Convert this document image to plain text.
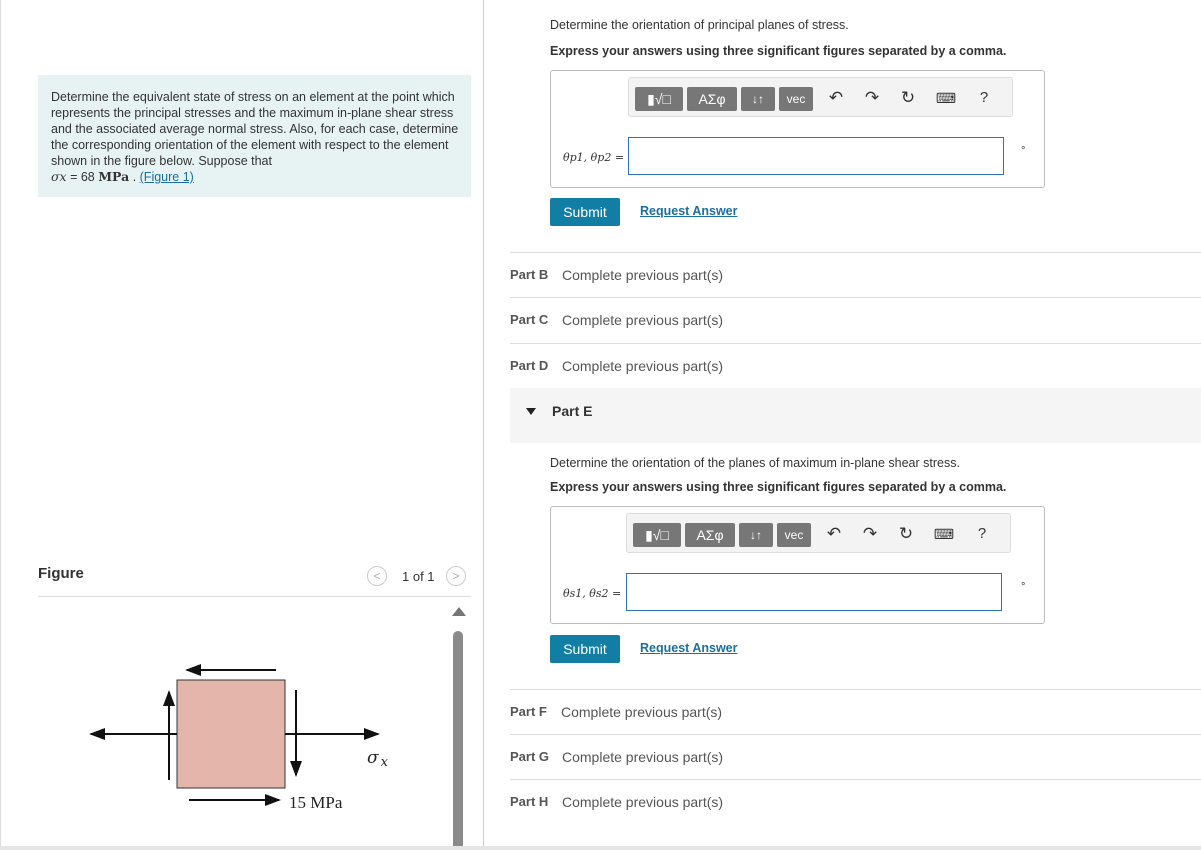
Determine the equivalent state of stress on an element at the point which represents the principal stresses and the maximum in-plane shear stress and the associated average normal stress. Also, for each case, determine the corresponding orientation of the element with respect to the element shown in the figure below. Suppose that
σx = 68 MPa . (Figure 1)
Figure	<	1 of 1	>
σ x
15 MPa
Determine the orientation of principal planes of stress.
Express your answers using three significant figures separated by a comma.
▮√□	ΑΣφ	↓↑	vec	↶ ↷ ↻ ⌨	?
θp1, θp2 =	°
Submit	Request Answer
Part B Complete previous part(s)
Part C Complete previous part(s)
Part D Complete previous part(s)
Part E
Determine the orientation of the planes of maximum in-plane shear stress.
Express your answers using three significant figures separated by a comma.
▮√□	ΑΣφ	↓↑	vec	↶ ↷ ↻ ⌨	?
θs1, θs2 =	°
Submit	Request Answer
Part F Complete previous part(s)
Part G Complete previous part(s)
Part H Complete previous part(s)
